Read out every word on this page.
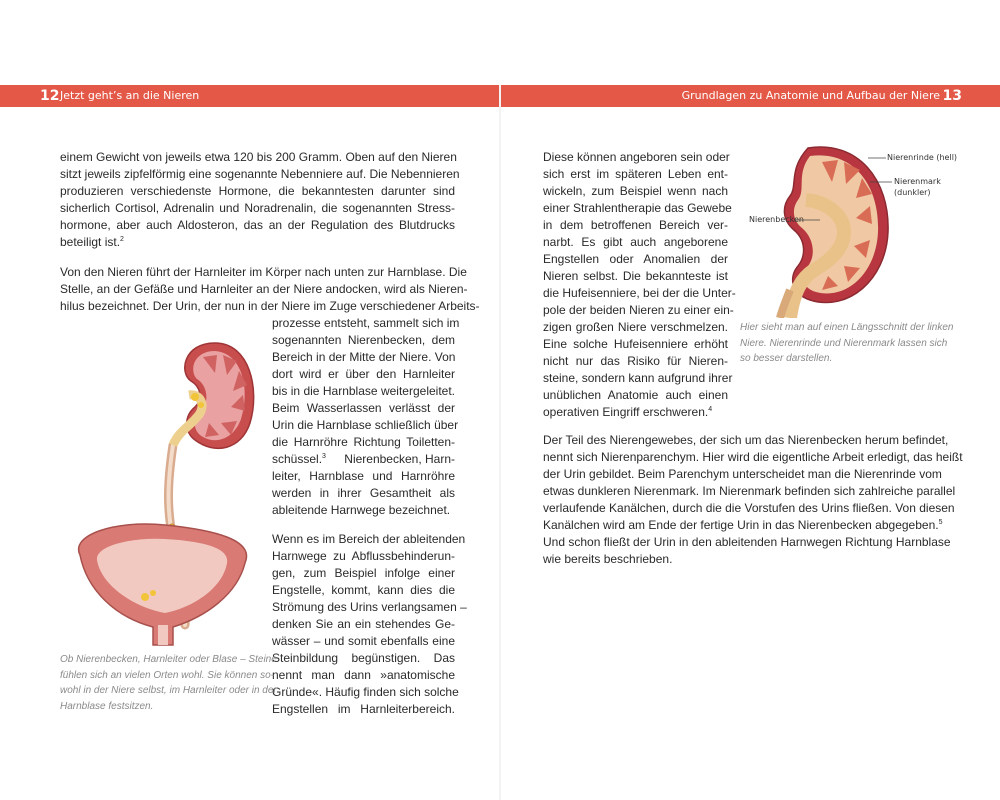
12 Jetzt geht’s an die Nieren	Grundlagen zu Anatomie und Aufbau der Niere 13
einem Gewicht von jeweils etwa 120 bis 200 Gramm. Oben auf den Nieren
sitzt jeweils zipfelförmig eine sogenannte Nebenniere auf. Die Nebennieren
produzieren verschiedenste Hormone, die bekanntesten darunter sind
sicherlich Cortisol, Adrenalin und Noradrenalin, die sogenannten Stress-
hormone, aber auch Aldosteron, das an der Regulation des Blutdrucks
beteiligt ist.$^2$
Von den Nieren führt der Harnleiter im Körper nach unten zur Harnblase. Die
Stelle, an der Gefäße und Harnleiter an der Niere andocken, wird als Nieren-
hilus bezeichnet. Der Urin, der nun in der Niere im Zuge verschiedener Arbeits-
prozesse entsteht, sammelt sich im
sogenannten Nierenbecken, dem
Bereich in der Mitte der Niere. Von
dort wird er über den Harnleiter
bis in die Harnblase weitergeleitet.
Beim Wasserlassen verlässt der
Urin die Harnblase schließlich über
die Harnröhre Richtung Toiletten-
schüssel.$^3$ Nierenbecken, Harn-
leiter, Harnblase und Harnröhre
werden in ihrer Gesamtheit als
ableitende Harnwege bezeichnet.
Wenn es im Bereich der ableitenden
Harnwege zu Abflussbehinderun-
gen, zum Beispiel infolge einer
Engstelle, kommt, kann dies die
Strömung des Urins verlangsamen –
denken Sie an ein stehendes Ge-
wässer – und somit ebenfalls eine
Steinbildung begünstigen. Das
nennt man dann »anatomische
Gründe«. Häufig finden sich solche
Engstellen im Harnleiterbereich.
Ob Nierenbecken, Harnleiter oder Blase – Steine
fühlen sich an vielen Orten wohl. Sie können so-
wohl in der Niere selbst, im Harnleiter oder in der
Harnblase festsitzen.
Diese können angeboren sein oder
sich erst im späteren Leben ent-
wickeln, zum Beispiel wenn nach
einer Strahlentherapie das Gewebe
in dem betroffenen Bereich ver-
narbt. Es gibt auch angeborene
Engstellen oder Anomalien der
Nieren selbst. Die bekannteste ist
die Hufeisenniere, bei der die Unter-
pole der beiden Nieren zu einer ein-
zigen großen Niere verschmelzen.
Eine solche Hufeisenniere erhöht
nicht nur das Risiko für Nieren-
steine, sondern kann aufgrund ihrer
unüblichen Anatomie auch einen
operativen Eingriff erschweren.$^4$
Nierenrinde (hell)
Nierenmark
(dunkler)
Nierenbecken
Hier sieht man auf einen Längsschnitt der linken
Niere. Nierenrinde und Nierenmark lassen sich
so besser darstellen.
Der Teil des Nierengewebes, der sich um das Nierenbecken herum befindet,
nennt sich Nierenparenchym. Hier wird die eigentliche Arbeit erledigt, das heißt
der Urin gebildet. Beim Parenchym unterscheidet man die Nierenrinde vom
etwas dunkleren Nierenmark. Im Nierenmark befinden sich zahlreiche parallel
verlaufende Kanälchen, durch die die Vorstufen des Urins fließen. Von diesen
Kanälchen wird am Ende der fertige Urin in das Nierenbecken abgegeben.$^5$
Und schon fließt der Urin in den ableitenden Harnwegen Richtung Harnblase
wie bereits beschrieben.
